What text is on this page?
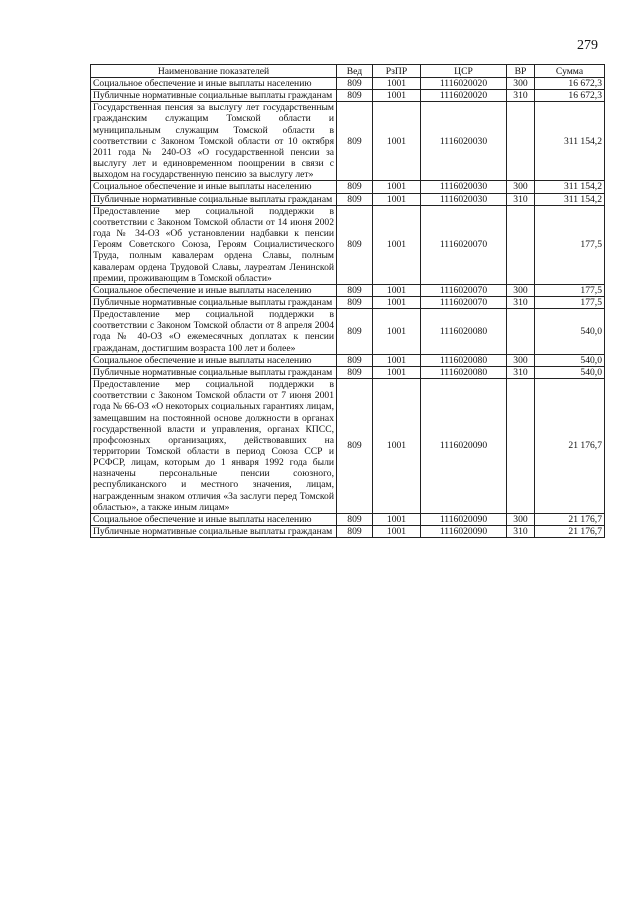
279
Наименование показателей	Вед	РзПР	ЦСР	ВР	Сумма
Социальное обеспечение и иные выплаты населению	809	1001	1116020020	300	16 672,3
Публичные нормативные социальные выплаты гражданам	809	1001	1116020020	310	16 672,3
Государственная пенсия за выслугу лет государственным гражданским служащим Томской области и муниципальным служащим Томской области в соответствии с Законом Томской области от 10 октября 2011 года № 240-ОЗ «О государственной пенсии за выслугу лет и единовременном поощрении в связи с выходом на государственную пенсию за выслугу лет»	809	1001	1116020030		311 154,2
Социальное обеспечение и иные выплаты населению	809	1001	1116020030	300	311 154,2
Публичные нормативные социальные выплаты гражданам	809	1001	1116020030	310	311 154,2
Предоставление мер социальной поддержки в соответствии с Законом Томской области от 14 июня 2002 года № 34-ОЗ «Об установлении надбавки к пенсии Героям Советского Союза, Героям Социалистического Труда, полным кавалерам ордена Славы, полным кавалерам ордена Трудовой Славы, лауреатам Ленинской премии, проживающим в Томской области»	809	1001	1116020070		177,5
Социальное обеспечение и иные выплаты населению	809	1001	1116020070	300	177,5
Публичные нормативные социальные выплаты гражданам	809	1001	1116020070	310	177,5
Предоставление мер социальной поддержки в соответствии с Законом Томской области от 8 апреля 2004 года № 40-ОЗ «О ежемесячных доплатах к пенсии гражданам, достигшим возраста 100 лет и более»	809	1001	1116020080		540,0
Социальное обеспечение и иные выплаты населению	809	1001	1116020080	300	540,0
Публичные нормативные социальные выплаты гражданам	809	1001	1116020080	310	540,0
Предоставление мер социальной поддержки в соответствии с Законом Томской области от 7 июня 2001 года № 66-ОЗ «О некоторых социальных гарантиях лицам, замещавшим на постоянной основе должности в органах государственной власти и управления, органах КПСС, профсоюзных организациях, действовавших на территории Томской области в период Союза ССР и РСФСР, лицам, которым до 1 января 1992 года были назначены персональные пенсии союзного, республиканского и местного значения, лицам, награжденным знаком отличия «За заслуги перед Томской областью», а также иным лицам»	809	1001	1116020090		21 176,7
Социальное обеспечение и иные выплаты населению	809	1001	1116020090	300	21 176,7
Публичные нормативные социальные выплаты гражданам	809	1001	1116020090	310	21 176,7
